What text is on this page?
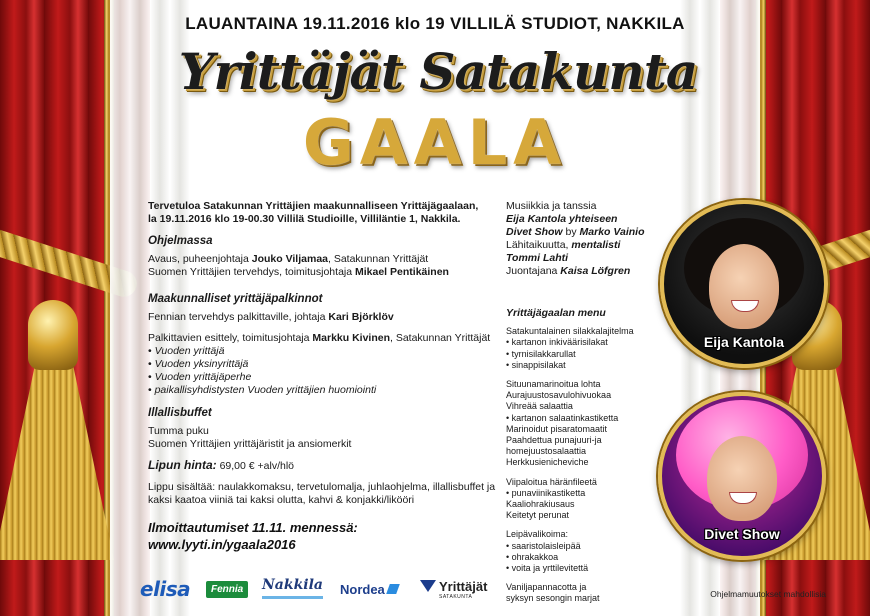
LAUANTAINA 19.11.2016 klo 19 VILLILÄ STUDIOT, NAKKILA
Yrittäjät Satakunta
GAALA
Tervetuloa Satakunnan Yrittäjien maakunnalliseen Yrittäjägaalaan,
la 19.11.2016 klo 19-00.30 Villilä Studioille, Villiläntie 1, Nakkila.
Ohjelmassa
Avaus, puheenjohtaja Jouko Viljamaa, Satakunnan Yrittäjät
Suomen Yrittäjien tervehdys, toimitusjohtaja Mikael Pentikäinen
Maakunnalliset yrittäjäpalkinnot
Fennian tervehdys palkittaville, johtaja Kari Björklöv
Palkittavien esittely, toimitusjohtaja Markku Kivinen, Satakunnan Yrittäjät
• Vuoden yrittäjä
• Vuoden yksinyrittäjä
• Vuoden yrittäjäperhe
• paikallisyhdistysten Vuoden yrittäjien huomiointi
Illallisbuffet
Tumma puku
Suomen Yrittäjien yrittäjäristit ja ansiomerkit
Lipun hinta: 69,00 € +alv/hlö
Lippu sisältää: naulakkomaksu, tervetulomalja, juhlaohjelma, illallisbuffet ja
kaksi kaatoa viiniä tai kaksi olutta, kahvi & konjakki/likööri
Ilmoittautumiset 11.11. mennessä:
www.lyyti.in/ygaala2016
Musiikkia ja tanssia
Eija Kantola yhteiseen
Divet Show by Marko Vainio
Lähitaikuutta, mentalisti
Tommi Lahti
Juontajana Kaisa Löfgren
Yrittäjägaalan menu
Satakuntalainen silakkalajitelma
• kartanon inkiväärisilakat
• tyrnisilakkarullat
• sinappisilakat
Situunamarinoitua lohta
Aurajuustosavulohivuokaa
Vihreää salaattia
• kartanon salaatinkastiketta
Marinoidut pisaratomaatit
Paahdettua punajuuri-ja
homejuustosalaattia
Herkkusienicheviche
Viipaloitua häränfileetä
• punaviinikastiketta
Kaaliohrakiusaus
Keitetyt perunat
Leipävalikoima:
• saaristolaisleipää
• ohrakakkoa
• voita ja yrttilevitettä
Vaniljapannacotta ja
syksyn sesongin marjat
Eija Kantola
Divet Show
elisa	Fennia	Nakkila Nordea	Yrittäjät
SATAKUNTA	Ohjelmamuutokset mahdollisia
